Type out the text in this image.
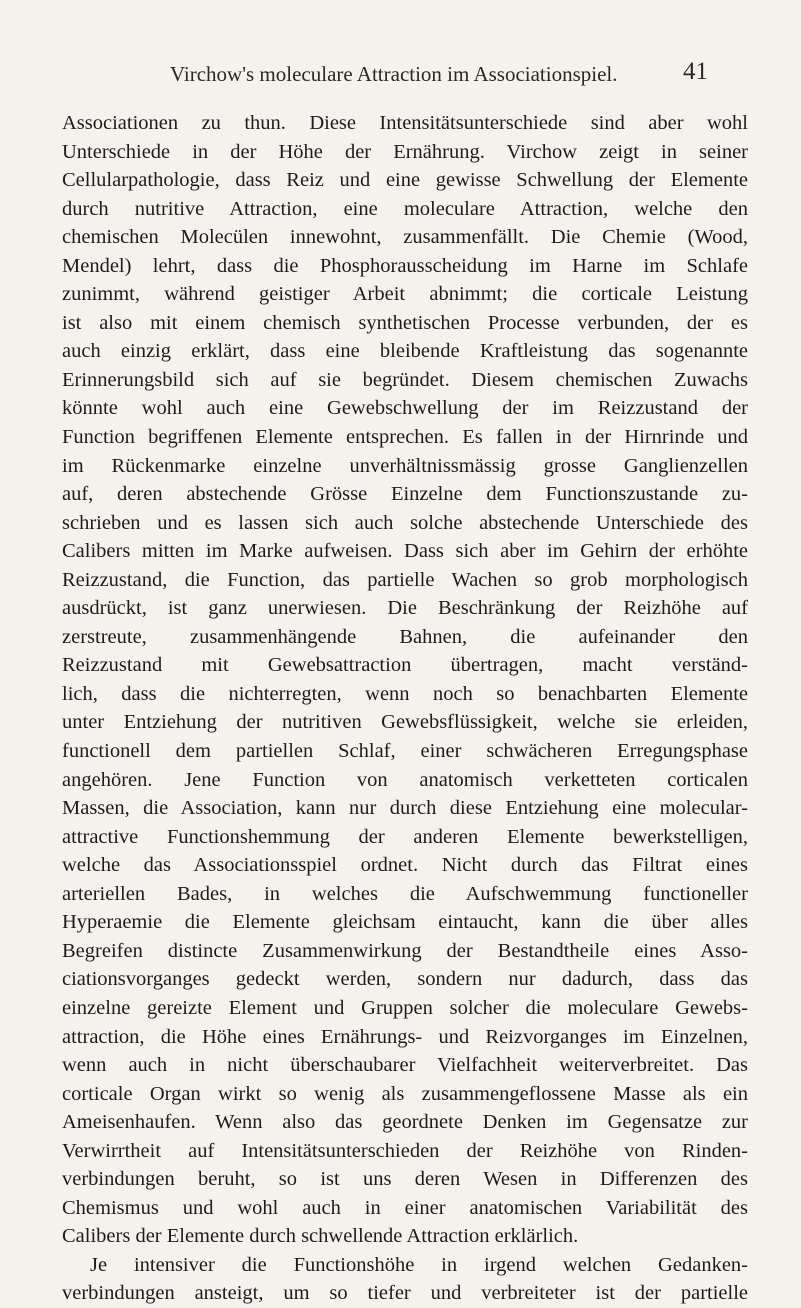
Virchow's moleculare Attraction im Associationspiel.	41
Associationen zu thun. Diese Intensitätsunterschiede sind aber wohl
Unterschiede in der Höhe der Ernährung. Virchow zeigt in seiner
Cellularpathologie, dass Reiz und eine gewisse Schwellung der Elemente
durch nutritive Attraction, eine moleculare Attraction, welche den
chemischen Molecülen innewohnt, zusammenfällt. Die Chemie (Wood,
Mendel) lehrt, dass die Phosphorausscheidung im Harne im Schlafe
zunimmt, während geistiger Arbeit abnimmt; die corticale Leistung
ist also mit einem chemisch synthetischen Processe verbunden, der es
auch einzig erklärt, dass eine bleibende Kraftleistung das sogenannte
Erinnerungsbild sich auf sie begründet. Diesem chemischen Zuwachs
könnte wohl auch eine Gewebschwellung der im Reizzustand der
Function begriffenen Elemente entsprechen. Es fallen in der Hirnrinde und
im Rückenmarke einzelne unverhältnissmässig grosse Ganglienzellen
auf, deren abstechende Grösse Einzelne dem Functionszustande zu-
schrieben und es lassen sich auch solche abstechende Unterschiede des
Calibers mitten im Marke aufweisen. Dass sich aber im Gehirn der erhöhte
Reizzustand, die Function, das partielle Wachen so grob morphologisch
ausdrückt, ist ganz unerwiesen. Die Beschränkung der Reizhöhe auf
zerstreute, zusammenhängende Bahnen, die aufeinander den
Reizzustand mit Gewebsattraction übertragen, macht verständ-
lich, dass die nichterregten, wenn noch so benachbarten Elemente
unter Entziehung der nutritiven Gewebsflüssigkeit, welche sie erleiden,
functionell dem partiellen Schlaf, einer schwächeren Erregungsphase
angehören. Jene Function von anatomisch verketteten corticalen
Massen, die Association, kann nur durch diese Entziehung eine molecular-
attractive Functionshemmung der anderen Elemente bewerkstelligen,
welche das Associationsspiel ordnet. Nicht durch das Filtrat eines
arteriellen Bades, in welches die Aufschwemmung functioneller
Hyperaemie die Elemente gleichsam eintaucht, kann die über alles
Begreifen distincte Zusammenwirkung der Bestandtheile eines Asso-
ciationsvorganges gedeckt werden, sondern nur dadurch, dass das
einzelne gereizte Element und Gruppen solcher die moleculare Gewebs-
attraction, die Höhe eines Ernährungs- und Reizvorganges im Einzelnen,
wenn auch in nicht überschaubarer Vielfachheit weiterverbreitet. Das
corticale Organ wirkt so wenig als zusammengeflossene Masse als ein
Ameisenhaufen. Wenn also das geordnete Denken im Gegensatze zur
Verwirrtheit auf Intensitätsunterschieden der Reizhöhe von Rinden-
verbindungen beruht, so ist uns deren Wesen in Differenzen des
Chemismus und wohl auch in einer anatomischen Variabilität des
Calibers der Elemente durch schwellende Attraction erklärlich.
Je intensiver die Functionshöhe in irgend welchen Gedanken-
verbindungen ansteigt, um so tiefer und verbreiteter ist der partielle
